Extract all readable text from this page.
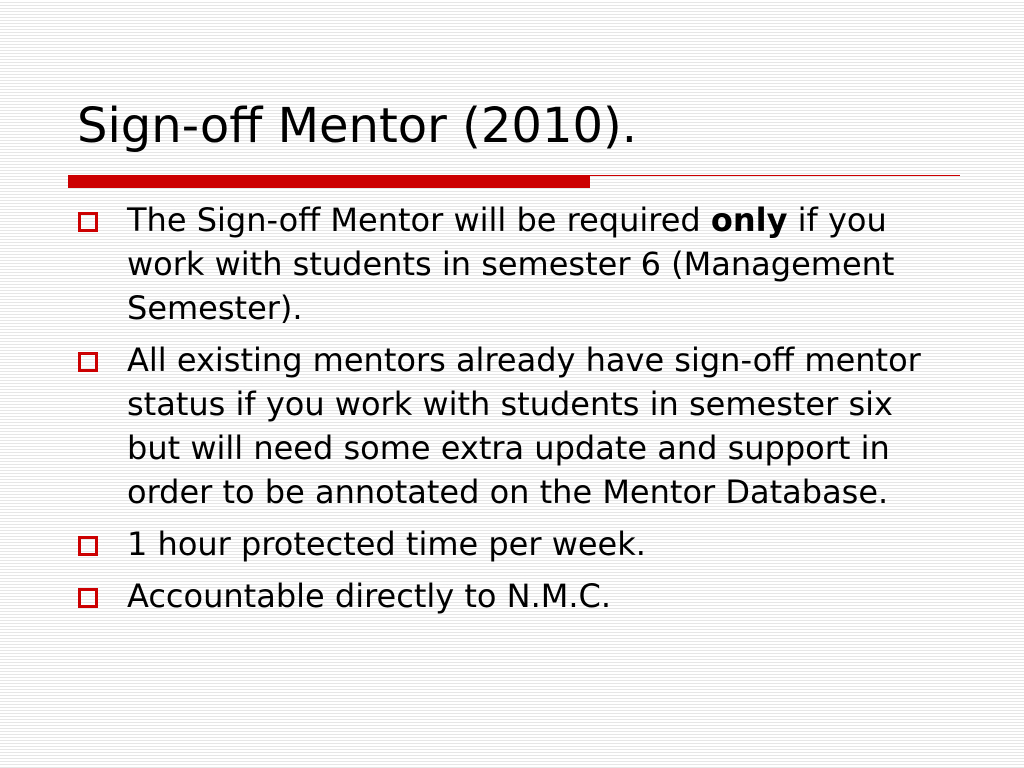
Sign-off Mentor (2010).
The Sign-off Mentor will be required only if you work with students in semester 6 (Management Semester).
All existing mentors already have sign-off mentor status if you work with students in semester six but will need some extra update and support in order to be annotated on the Mentor Database.
1 hour protected time per week.
Accountable directly to N.M.C.
